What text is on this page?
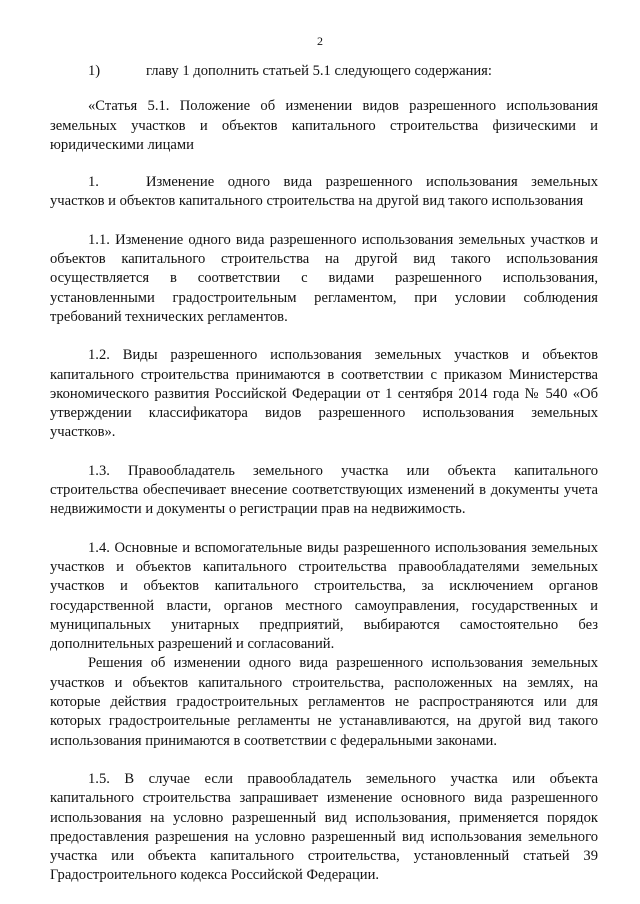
2

1)	главу 1 дополнить статьей 5.1 следующего содержания:

«Статья 5.1. Положение об изменении видов разрешенного использования земельных участков и объектов капитального строительства физическими и юридическими лицами

1.	Изменение одного вида разрешенного использования земельных участков и объектов капитального строительства на другой вид такого использования

1.1. Изменение одного вида разрешенного использования земельных участков и объектов капитального строительства на другой вид такого использования осуществляется в соответствии с видами разрешенного использования, установленными градостроительным регламентом, при условии соблюдения требований технических регламентов.

1.2. Виды разрешенного использования земельных участков и объектов капитального строительства принимаются в соответствии с приказом Министерства экономического развития Российской Федерации от 1 сентября 2014 года № 540 «Об утверждении классификатора видов разрешенного использования земельных участков».

1.3. Правообладатель земельного участка или объекта капитального строительства обеспечивает внесение соответствующих изменений в документы учета недвижимости и документы о регистрации прав на недвижимость.

1.4. Основные и вспомогательные виды разрешенного использования земельных участков и объектов капитального строительства правообладателями земельных участков и объектов капитального строительства, за исключением органов государственной власти, органов местного самоуправления, государственных и муниципальных унитарных предприятий, выбираются самостоятельно без дополнительных разрешений и согласований.

Решения об изменении одного вида разрешенного использования земельных участков и объектов капитального строительства, расположенных на землях, на которые действия градостроительных регламентов не распространяются или для которых градостроительные регламенты не устанавливаются, на другой вид такого использования принимаются в соответствии с федеральными законами.

1.5. В случае если правообладатель земельного участка или объекта капитального строительства запрашивает изменение основного вида разрешенного использования на условно разрешенный вид использования, применяется порядок предоставления разрешения на условно разрешенный вид использования земельного участка или объекта капитального строительства, установленный статьей 39 Градостроительного кодекса Российской Федерации.
